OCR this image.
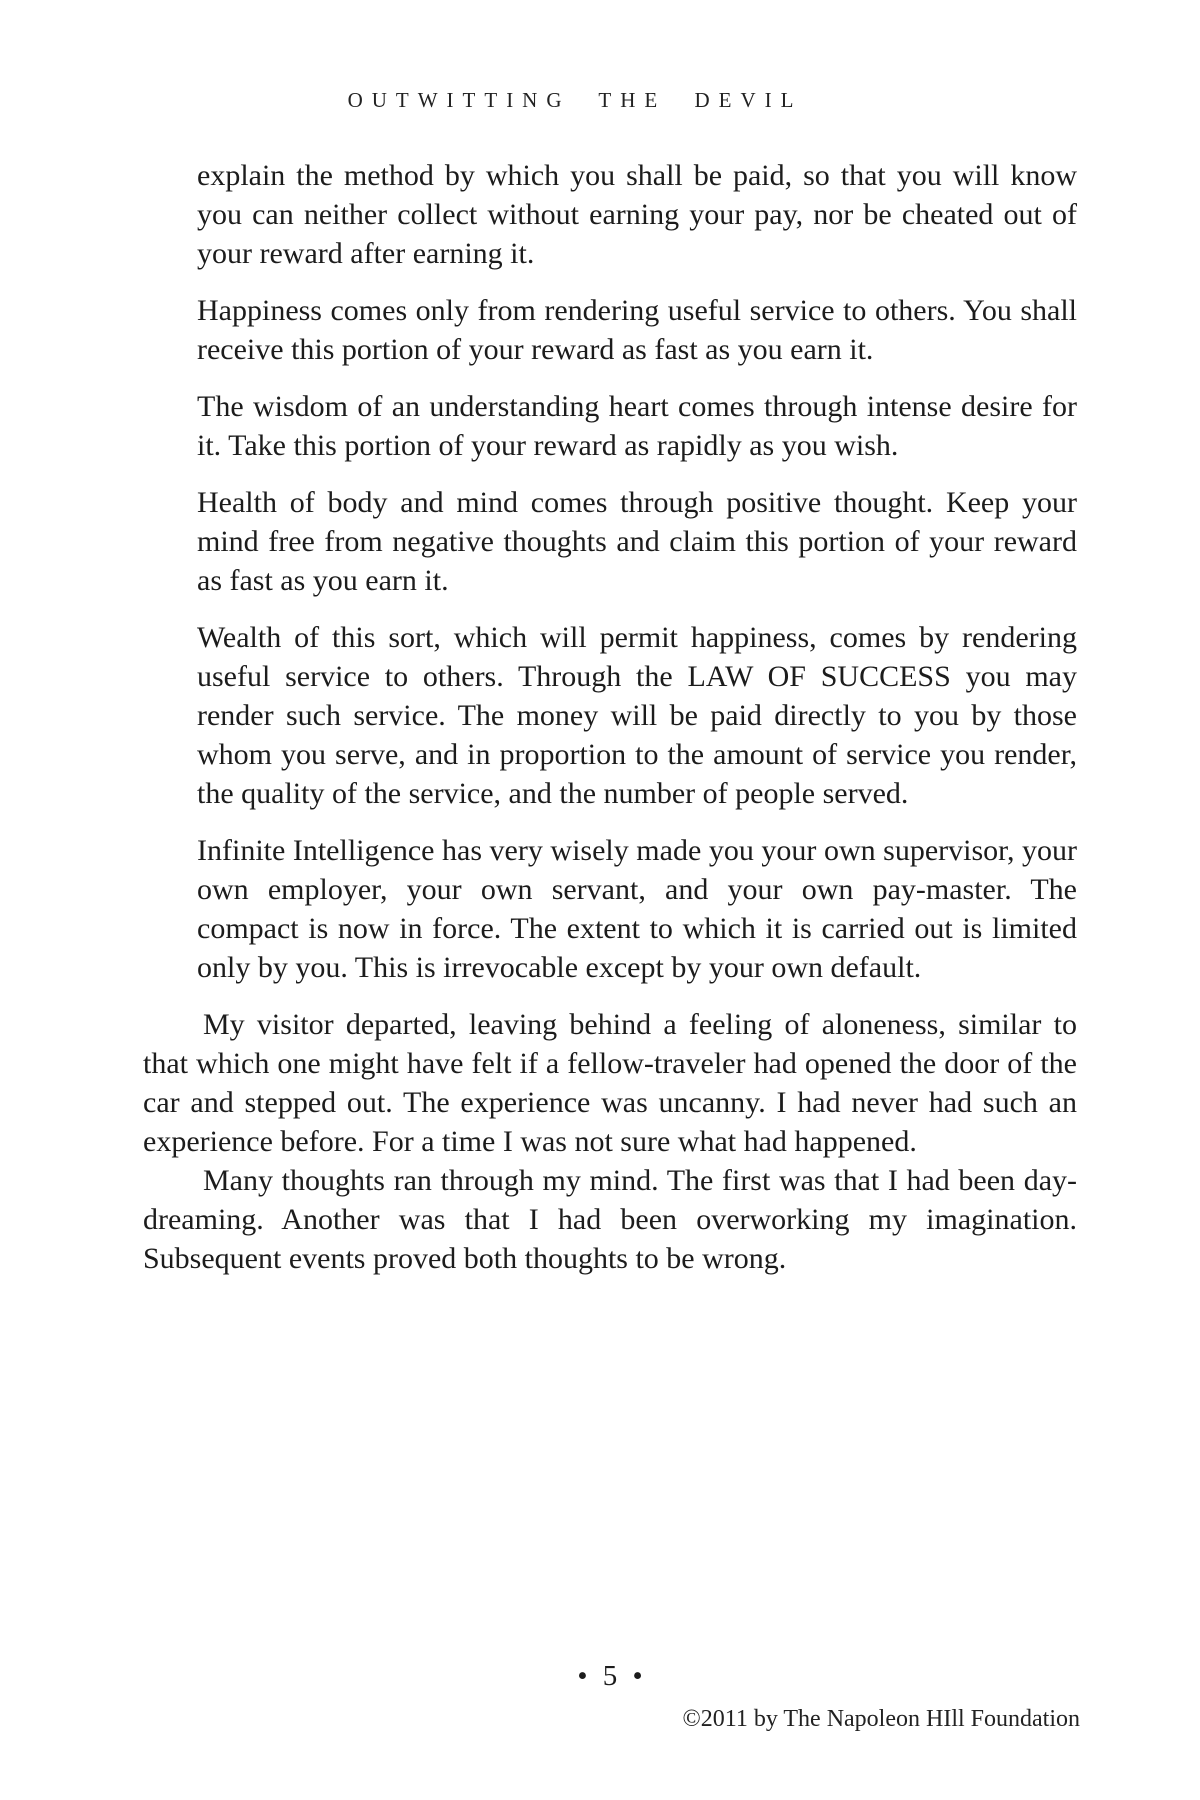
OUTWITTING THE DEVIL

explain the method by which you shall be paid, so that you will know you can neither collect without earning your pay, nor be cheated out of your reward after earning it.

Happiness comes only from rendering useful service to others. You shall receive this portion of your reward as fast as you earn it.

The wisdom of an understanding heart comes through intense desire for it. Take this portion of your reward as rapidly as you wish.

Health of body and mind comes through positive thought. Keep your mind free from negative thoughts and claim this portion of your reward as fast as you earn it.

Wealth of this sort, which will permit happiness, comes by rendering useful service to others. Through the LAW OF SUCCESS you may render such service. The money will be paid directly to you by those whom you serve, and in proportion to the amount of service you render, the quality of the service, and the number of people served.

Infinite Intelligence has very wisely made you your own supervisor, your own employer, your own servant, and your own pay-master. The compact is now in force. The extent to which it is carried out is limited only by you. This is irrevocable except by your own default.

My visitor departed, leaving behind a feeling of aloneness, similar to that which one might have felt if a fellow-traveler had opened the door of the car and stepped out. The experience was uncanny. I had never had such an experience before. For a time I was not sure what had happened.

Many thoughts ran through my mind. The first was that I had been day-dreaming. Another was that I had been overworking my imagination. Subsequent events proved both thoughts to be wrong.

• 5 •
©2011 by The Napoleon HIll Foundation
